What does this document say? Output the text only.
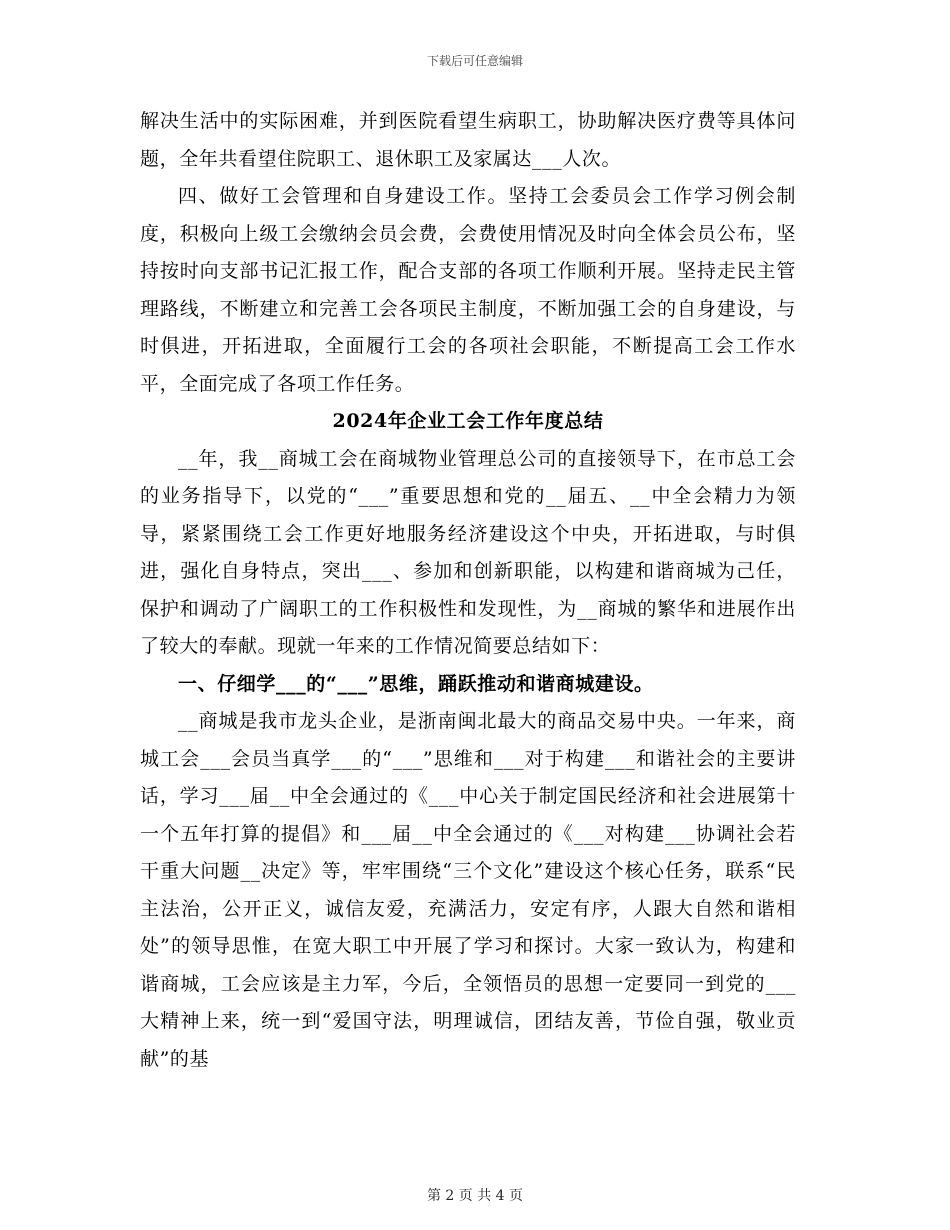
下载后可任意编辑

解决生活中的实际困难，并到医院看望生病职工，协助解决医疗费等具体问题，全年共看望住院职工、退休职工及家属达___人次。

四、做好工会管理和自身建设工作。坚持工会委员会工作学习例会制度，积极向上级工会缴纳会员会费，会费使用情况及时向全体会员公布，坚持按时向支部书记汇报工作，配合支部的各项工作顺利开展。坚持走民主管理路线，不断建立和完善工会各项民主制度，不断加强工会的自身建设，与时俱进，开拓进取，全面履行工会的各项社会职能，不断提高工会工作水平，全面完成了各项工作任务。

2024年企业工会工作年度总结

__年，我__商城工会在商城物业管理总公司的直接领导下，在市总工会的业务指导下，以党的“___”重要思想和党的__届五、__中全会精力为领导，紧紧围绕工会工作更好地服务经济建设这个中央，开拓进取，与时俱进，强化自身特点，突出___、参加和创新职能，以构建和谐商城为己任，保护和调动了广阔职工的工作积极性和发现性，为__商城的繁华和进展作出了较大的奉献。现就一年来的工作情况简要总结如下：

一、仔细学___的“___”思维，踊跃推动和谐商城建设。

__商城是我市龙头企业，是浙南闽北最大的商品交易中央。一年来，商城工会___会员当真学___的“___”思维和___对于构建___和谐社会的主要讲话，学习___届__中全会通过的《___中心关于制定国民经济和社会进展第十一个五年打算的提倡》和___届__中全会通过的《___对构建___协调社会若干重大问题__决定》等，牢牢围绕“三个文化”建设这个核心任务，联系“民主法治，公开正义，诚信友爱，充满活力，安定有序，人跟大自然和谐相处”的领导思惟，在宽大职工中开展了学习和探讨。大家一致认为，构建和谐商城，工会应该是主力军，今后，全领悟员的思想一定要同一到党的___大精神上来，统一到“爱国守法，明理诚信，团结友善，节俭自强，敬业贡献”的基

第 2 页 共 4 页
